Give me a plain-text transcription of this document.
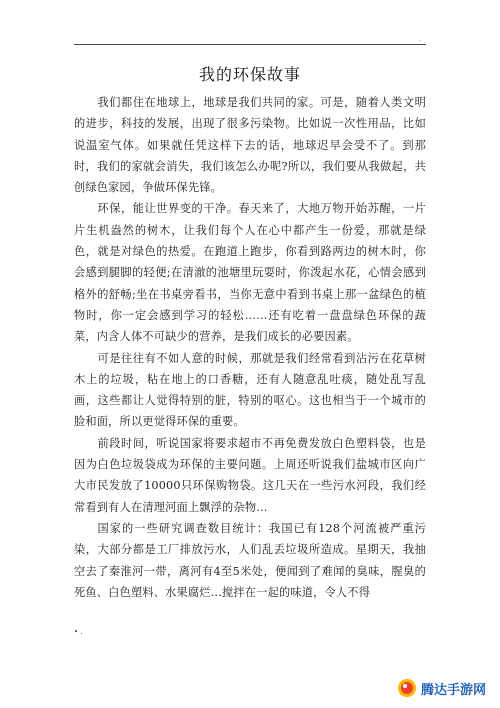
.
我的环保故事

我们都住在地球上，地球是我们共同的家。可是，随着人类文明的进步，科技的发展，出现了很多污染物。比如说一次性用品，比如说温室气体。如果就任凭这样下去的话，地球迟早会受不了。到那时，我们的家就会消失，我们该怎么办呢?所以，我们要从我做起，共创绿色家园，争做环保先锋。

环保，能让世界变的干净。春天来了，大地万物开始苏醒，一片片生机盎然的树木，让我们每个人在心中都产生一份爱，那就是绿色，就是对绿色的热爱。在跑道上跑步，你看到路两边的树木时，你会感到腿脚的轻便;在清澈的池塘里玩耍时，你泼起水花，心情会感到格外的舒畅;坐在书桌旁看书，当你无意中看到书桌上那一盆绿色的植物时，你一定会感到学习的轻松……还有吃着一盘盘绿色环保的蔬菜，内含人体不可缺少的营养，是我们成长的必要因素。

可是往往有不如人意的时候，那就是我们经常看到沾污在花草树木上的垃圾，粘在地上的口香糖，还有人随意乱吐痰，随处乱写乱画，这些都让人觉得特别的脏，特别的呕心。这也相当于一个城市的脸和面，所以更觉得环保的重要。

前段时间，听说国家将要求超市不再免费发放白色塑料袋，也是因为白色垃圾袋成为环保的主要问题。上周还听说我们盐城市区向广大市民发放了10000只环保购物袋。这几天在一些污水河段，我们经常看到有人在清理河面上飘浮的杂物…

国家的一些研究调查数目统计：我国已有128个河流被严重污染，大部分都是工厂排放污水，人们乱丢垃圾所造成。星期天，我抽空去了秦淮河一带，离河有4至5米处，便闻到了难闻的臭味，腥臭的死鱼、白色塑料、水果腐烂…搅拌在一起的味道，令人不得

• .
腾达手游网
